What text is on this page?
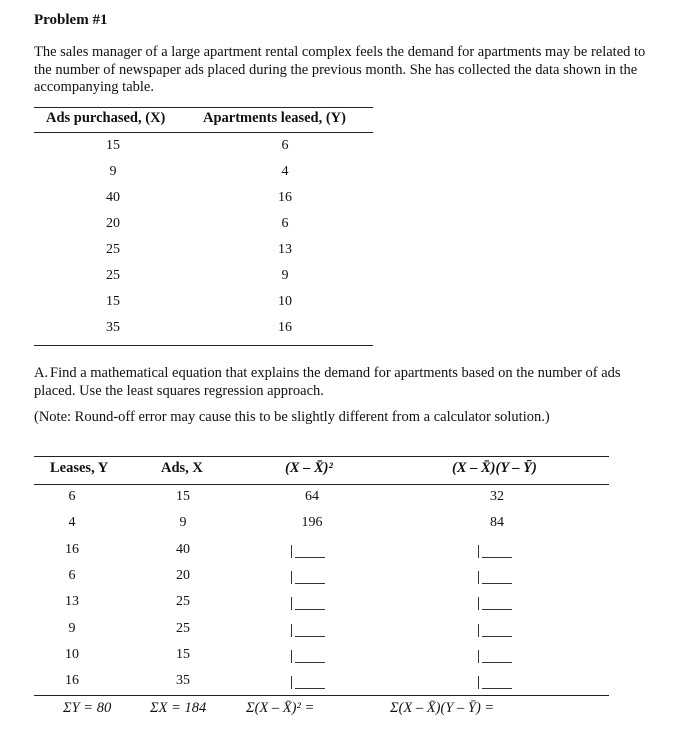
Problem #1
The sales manager of a large apartment rental complex feels the demand for apartments may be related to the number of newspaper ads placed during the previous month. She has collected the data shown in the accompanying table.
Ads purchased, (X)	Apartments leased, (Y)
15	6
9	4
40	16
20	6
25	13
25	9
15	10
35	16
A. Find a mathematical equation that explains the demand for apartments based on the number of ads placed. Use the least squares regression approach.
(Note: Round-off error may cause this to be slightly different from a calculator solution.)
Leases, Y	Ads, X	(X – X̄)²	(X – X̄)(Y – Ȳ)
6	15	64	32
4	9	196	84
16	40
6	20
13	25
9	25
10	15
16	35
ΣY = 80	ΣX = 184	Σ(X – X̄)² =	Σ(X – X̄)(Y – Ȳ) =
